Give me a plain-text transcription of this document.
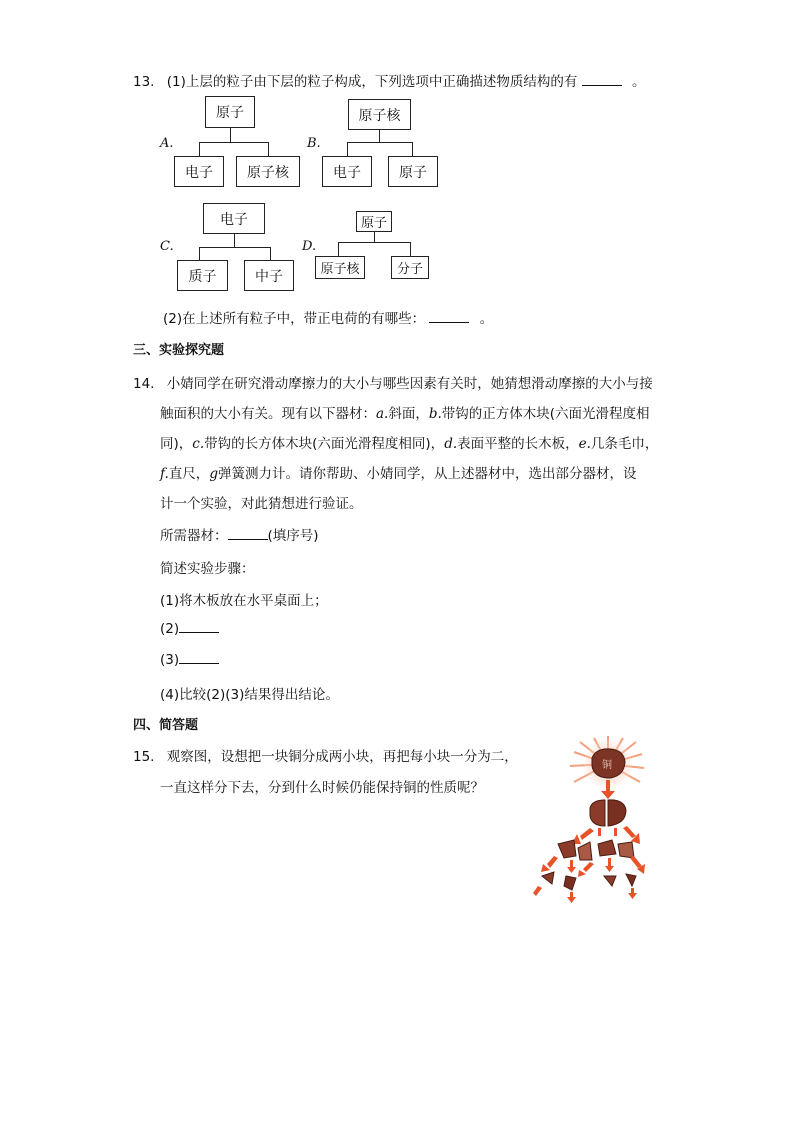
13. (1)上层的粒子由下层的粒子构成，下列选项中正确描述物质结构的有	。
A.
原子
电子	原子核
B.
原子核
电子	原子
C.
电子
质子	中子
D.
原子
原子核	分子
(2)在上述所有粒子中，带正电荷的有哪些：	。
三、实验探究题
14. 小婧同学在研究滑动摩擦力的大小与哪些因素有关时，她猜想滑动摩擦的大小与接
触面积的大小有关。现有以下器材：a.斜面，b.带钩的正方体木块(六面光滑程度相
同)，c.带钩的长方体木块(六面光滑程度相同)，d.表面平整的长木板，e.几条毛巾，
f.直尺，g弹簧测力计。请你帮助、小婧同学，从上述器材中，选出部分器材，设
计一个实验，对此猜想进行验证。
所需器材：	(填序号)
简述实验步骤：
(1)将木板放在水平桌面上；
(2)
(3)
(4)比较(2)(3)结果得出结论。
四、简答题
15. 观察图，设想把一块铜分成两小块，再把每小块一分为二，
一直这样分下去，分到什么时候仍能保持铜的性质呢？
铜
